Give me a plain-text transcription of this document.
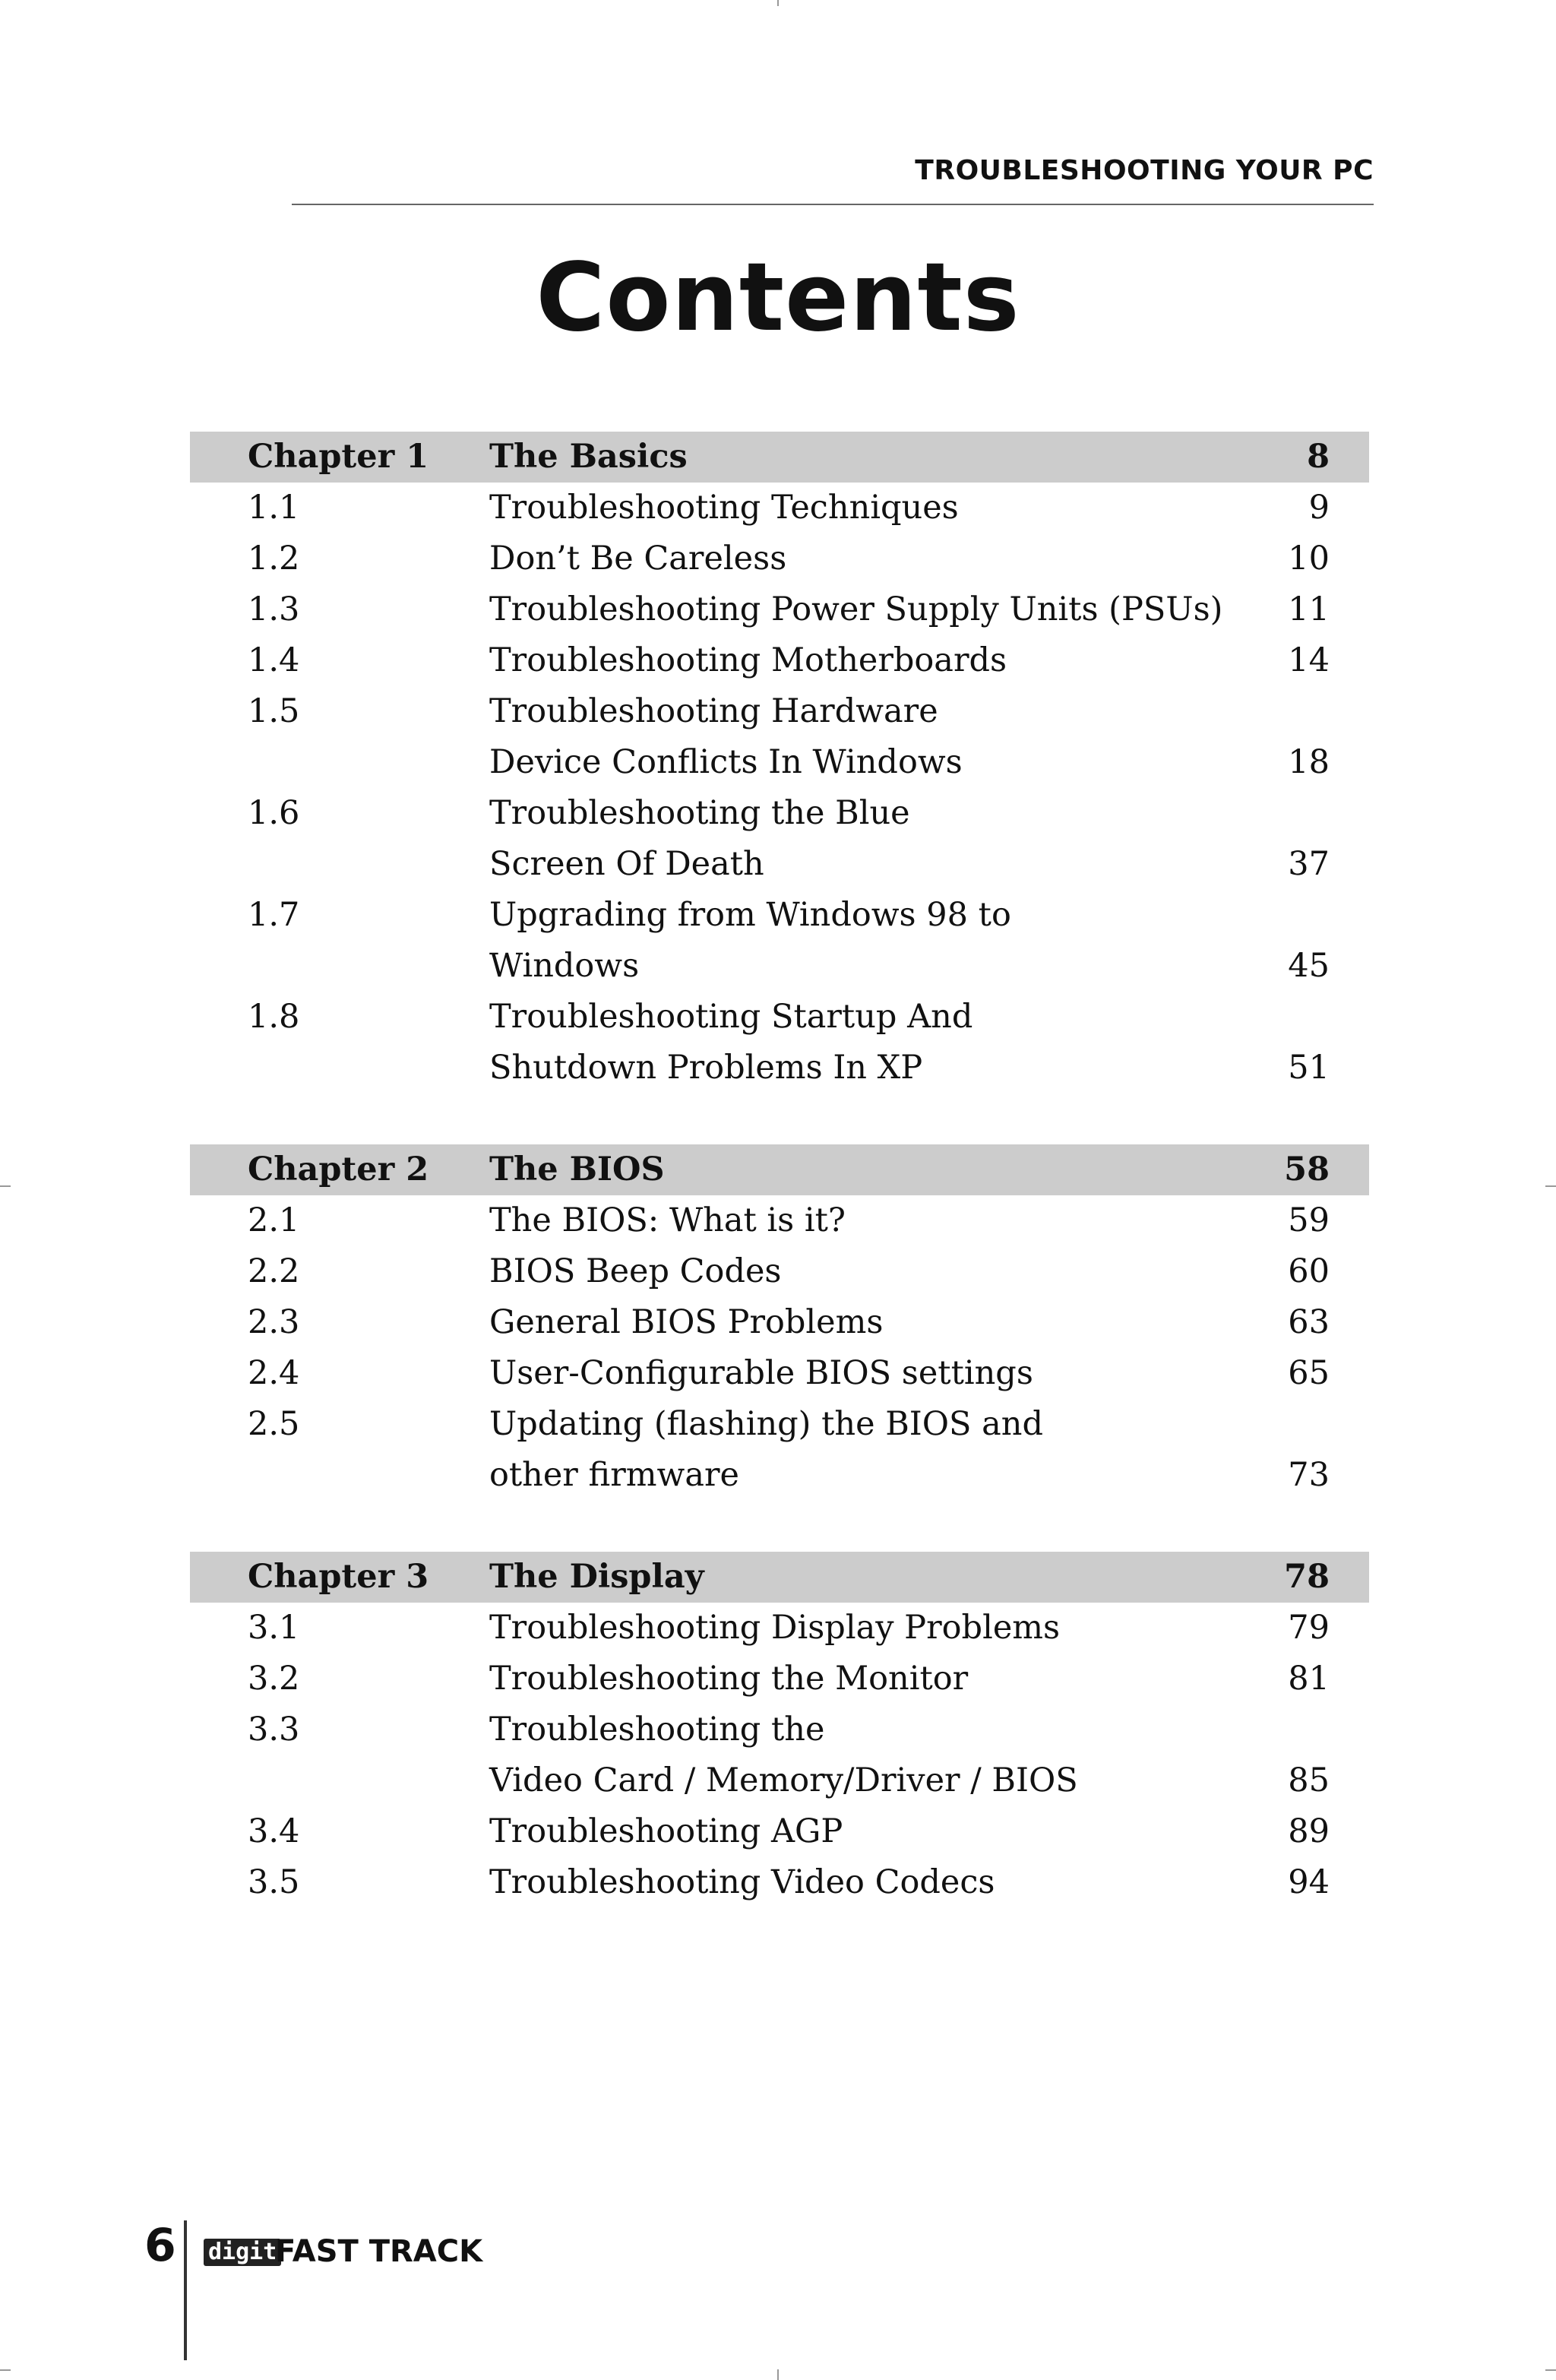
TROUBLESHOOTING YOUR PC
Contents
Chapter 1 The Basics	8
1.1	Troubleshooting Techniques	9
1.2	Don’t Be Careless	10
1.3	Troubleshooting Power Supply Units (PSUs) 11
1.4	Troubleshooting Motherboards	14
1.5	Troubleshooting Hardware
Device Conflicts In Windows	18
1.6	Troubleshooting the Blue
Screen Of Death	37
1.7	Upgrading from Windows 98 to
Windows	45
1.8	Troubleshooting Startup And
Shutdown Problems In XP	51
Chapter 2 The BIOS	58
2.1	The BIOS: What is it?	59
2.2	BIOS Beep Codes	60
2.3	General BIOS Problems	63
2.4	User-Configurable BIOS settings	65
2.5	Updating (flashing) the BIOS and
other firmware	73
Chapter 3 The Display	78
3.1	Troubleshooting Display Problems	79
3.2	Troubleshooting the Monitor	81
3.3	Troubleshooting the
Video Card / Memory/Driver / BIOS	85
3.4	Troubleshooting AGP	89
3.5	Troubleshooting Video Codecs	94
6 digit
FAST TRACK
